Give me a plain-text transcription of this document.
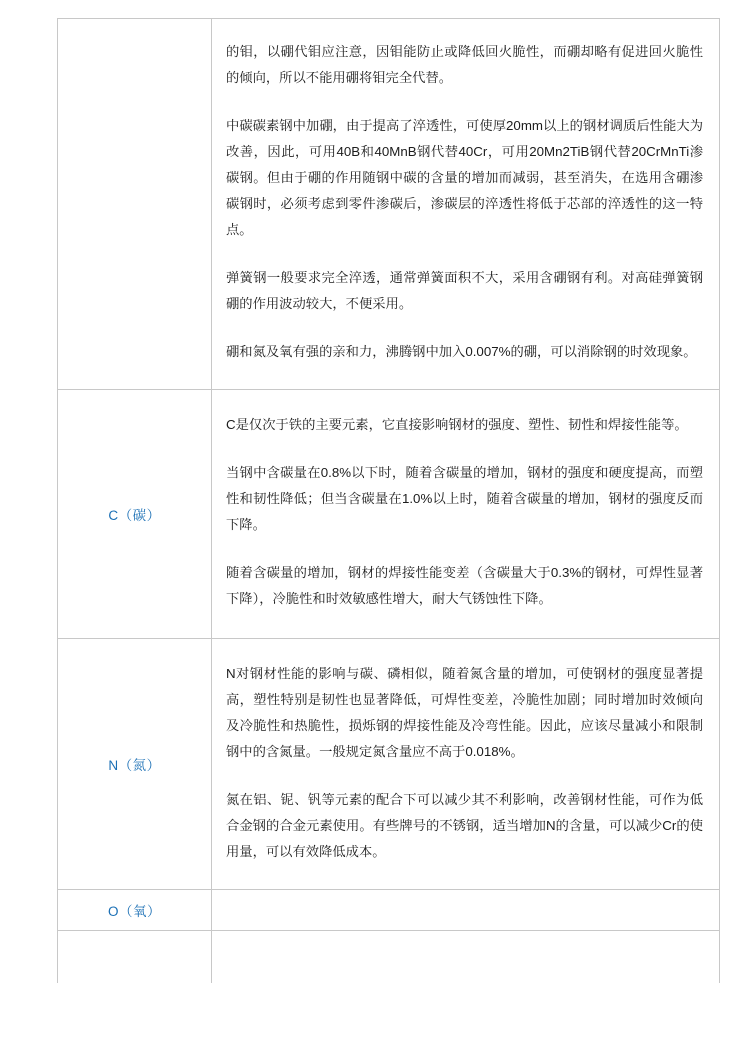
	的钼，以硼代钼应注意，因钼能防止或降低回火脆性，而硼却略有促进回火脆性的倾向，所以不能用硼将钼完全代替。

中碳碳素钢中加硼，由于提高了淬透性，可使厚20mm以上的钢材调质后性能大为改善，因此，可用40B和40MnB钢代替40Cr，可用20Mn2TiB钢代替20CrMnTi渗碳钢。但由于硼的作用随钢中碳的含量的增加而减弱，甚至消失，在选用含硼渗碳钢时，必须考虑到零件渗碳后，渗碳层的淬透性将低于芯部的淬透性的这一特点。

弹簧钢一般要求完全淬透，通常弹簧面积不大，采用含硼钢有利。对高硅弹簧钢硼的作用波动较大，不便采用。

硼和氮及氧有强的亲和力，沸腾钢中加入0.007%的硼，可以消除钢的时效现象。

C（碳）	C是仅次于铁的主要元素，它直接影响钢材的强度、塑性、韧性和焊接性能等。

当钢中含碳量在0.8%以下时，随着含碳量的增加，钢材的强度和硬度提高，而塑性和韧性降低；但当含碳量在1.0%以上时，随着含碳量的增加，钢材的强度反而下降。

随着含碳量的增加，钢材的焊接性能变差（含碳量大于0.3%的钢材，可焊性显著下降），冷脆性和时效敏感性增大，耐大气锈蚀性下降。

N（氮）	N对钢材性能的影响与碳、磷相似，随着氮含量的增加，可使钢材的强度显著提高，塑性特别是韧性也显著降低，可焊性变差，冷脆性加剧；同时增加时效倾向及冷脆性和热脆性，损烁钢的焊接性能及冷弯性能。因此，应该尽量减小和限制钢中的含氮量。一般规定氮含量应不高于0.018%。

氮在铝、铌、钒等元素的配合下可以减少其不利影响，改善钢材性能，可作为低合金钢的合金元素使用。有些牌号的不锈钢，适当增加N的含量，可以减少Cr的使用量，可以有效降低成本。

O（氧）	
